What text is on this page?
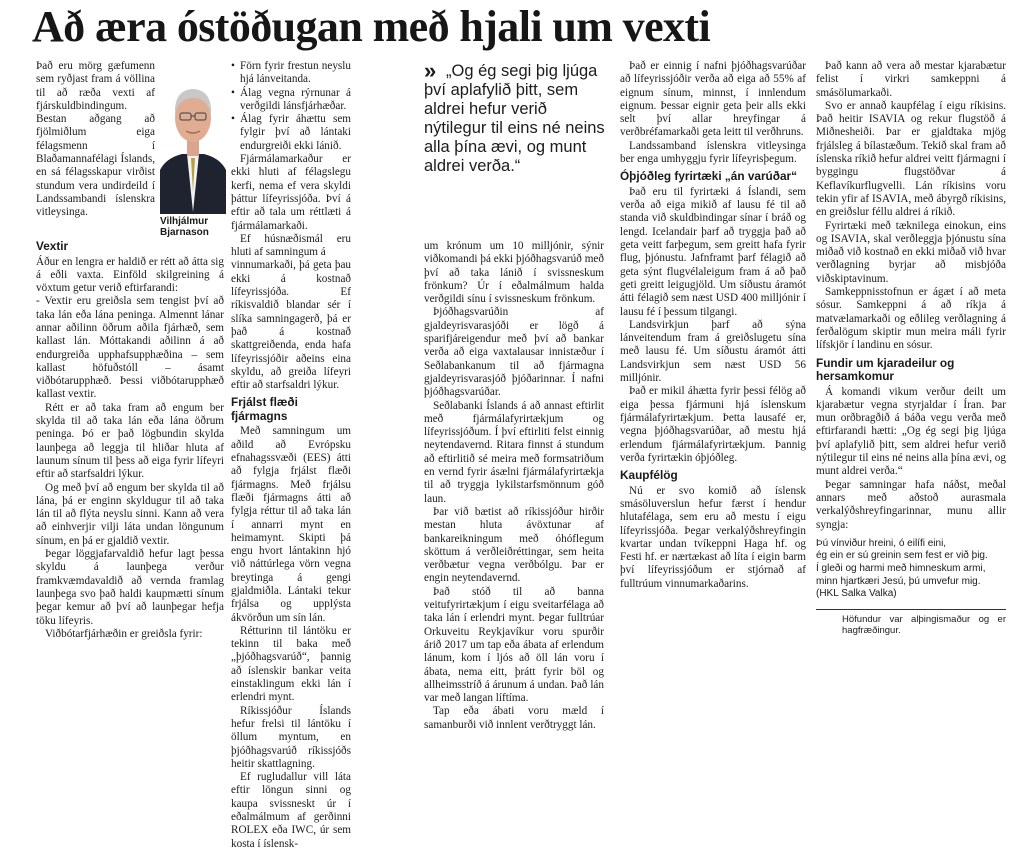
Að æra óstöðugan með hjali um vexti

Það eru mörg gæfumenn sem ryðjast fram á völlina til að ræða vexti af fjárskuldbindingum.

Bestan aðgang að fjölmiðlum eiga félagsmenn í Blaðamannafélagi Íslands, en sá félagsskapur virðist stundum vera undirdeild í Landssambandi íslenskra vitleysinga.

Vilhjálmur Bjarnason
Vextir

Áður en lengra er haldið er rétt að átta sig á eðli vaxta. Einföld skilgreining á vöxtum getur verið eftirfarandi:

- Vextir eru greiðsla sem tengist því að taka lán eða lána peninga. Almennt lánar annar aðilinn öðrum aðila fjárhæð, sem kallast lán. Móttakandi aðilinn á að endurgreiða upphafsupphæðina – sem kallast höfuðstóll – ásamt viðbótarupphæð. Þessi viðbótarupphæð kallast vextir.

Rétt er að taka fram að engum ber skylda til að taka lán eða lána öðrum peninga. Þó er það lögbundin skylda launþega að leggja til hliðar hluta af launum sínum til þess að eiga fyrir lífeyri eftir að starfsaldri lýkur.

Og með því að engum ber skylda til að lána, þá er enginn skyldugur til að taka lán til að flýta neyslu sinni. Kann að vera að einhverjir vilji láta undan löngunum sínum, en þá er gjaldið vextir.

Þegar löggjafarvaldið hefur lagt þessa skyldu á launþega verður framkvæmdavaldið að vernda framlag launþega svo það haldi kaupmætti sínum þegar kemur að því að launþegar hefja töku lífeyris.

Viðbótarfjárhæðin er greiðsla fyrir:

• Förn fyrir frestun neyslu hjá lánveitanda.
• Álag vegna rýrnunar á verðgildi lánsfjárhæðar.
• Álag fyrir áhættu sem fylgir því að lántaki endurgreiði ekki lánið.

Fjármálamarkaður er ekki hluti af félagslegu kerfi, nema ef vera skyldi þáttur lífeyrissjóða. Því á eftir að tala um réttlæti á fjármálamarkaði.

Ef húsnæðismál eru hluti af samningum á

vinnumarkaði, þá geta þau ekki á kostnað lífeyrissjóða. Ef ríkisvaldið blandar sér í slíka samningagerð, þá er það á kostnað skattgreiðenda, enda hafa lífeyrissjóðir aðeins eina skyldu, að greiða lífeyri eftir að starfsaldri lýkur.

Frjálst flæði fjármagns

Með samningum um aðild að Evrópsku efnahagssvæði (EES) átti að fylgja frjálst flæði fjármagns. Með frjálsu flæði fjármagns átti að fylgja réttur til að taka lán í annarri mynt en heimamynt. Skipti þá engu hvort lántakinn hjó við náttúrlega vörn vegna breytinga á gengi gjaldmiðla. Lántaki tekur frjálsa og upplýsta ákvörðun um sín lán.

Rétturinn til lántöku er tekinn til baka með „þjóðhagsvarúð“, þannig að íslenskir bankar veita einstaklingum ekki lán í erlendri mynt.

Ríkissjóður Íslands hefur frelsi til lántöku í öllum myntum, en þjóðhagsvarúð ríkissjóðs heitir skattlagning.

Ef rugludallur vill láta eftir löngun sinni og kaupa svissneskt úr í eðalmálmum af gerðinni ROLEX eða IWC, úr sem kosta í íslensk-

» „Og ég segi þig ljúga því aplafylið þitt, sem aldrei hefur verið nýtilegur til eins né neins alla þína ævi, og munt aldrei verða.“

um krónum um 10 milljónir, sýnir viðkomandi þá ekki þjóðhagsvarúð með því að taka lánið í svissneskum frönkum? Úr í eðalmálmum halda verðgildi sínu í svissneskum frönkum.

Þjóðhagsvarúðin af gjaldeyrisvarasjóði er lögð á sparifjáreigendur með því að bankar verða að eiga vaxtalausar innistæður í Seðlabankanum til að fjármagna gjaldeyrisvarasjóð þjóðarinnar. Í nafni þjóðhagsvarúðar.

Seðlabanki Íslands á að annast eftirlit með fjármálafyrirtækjum og lífeyrissjóðum. Í því eftirliti felst einnig neytendavernd. Ritara finnst á stundum að eftirlitið sé meira með formsatriðum en vernd fyrir ásælni fjármálafyrirtækja til að tryggja lykilstarfsmönnum góð laun.

Þar við bætist að ríkissjóður hirðir mestan hluta ávöxtunar af bankareikningum með óhóflegum sköttum á verðleiðréttingar, sem heita verðbætur vegna verðbólgu. Þar er engin neytendavernd.

Það stóð til að banna veitufyrirtækjum í eigu sveitarfélaga að taka lán í erlendri mynt. Þegar fulltrúar Orkuveitu Reykjavíkur voru spurðir árið 2017 um tap eða ábata af erlendum lánum, kom í ljós að öll lán voru í ábata, nema eitt, þrátt fyrir böl og allheimsstríð á árunum á undan. Það lán var með langan líftíma.

Tap eða ábati voru mæld í samanburði við innlent verðtryggt lán.

Það er einnig í nafni þjóðhagsvarúðar að lífeyrissjóðir verða að eiga að 55% af eignum sínum, minnst, í innlendum eignum. Þessar eignir geta þeir alls ekki selt því allar hreyfingar á verðbréfamarkaði geta leitt til verðhruns.

Landssamband íslenskra vitleysinga ber enga umhyggju fyrir lífeyrisþegum.

Óþjóðleg fyrirtæki „án varúðar“

Það eru til fyrirtæki á Íslandi, sem verða að eiga mikið af lausu fé til að standa við skuldbindingar sínar í bráð og lengd. Icelandair þarf að tryggja það að geta veitt farþegum, sem greitt hafa fyrir flug, þjónustu. Jafnframt þarf félagið að geta sýnt flugvélaleigum fram á að það geti greitt leigugjöld. Um síðustu áramót átti félagið sem næst USD 400 milljónir í lausu fé í þessum tilgangi.

Landsvirkjun þarf að sýna lánveitendum fram á greiðslugetu sína með lausu fé. Um síðustu áramót átti Landsvirkjun sem næst USD 56 milljónir.

Það er mikil áhætta fyrir þessi félög að eiga þessa fjármuni hjá íslenskum fjármálafyrirtækjum. Þetta lausafé er, vegna þjóðhagsvarúðar, að mestu hjá erlendum fjármálafyrirtækjum. Þannig verða fyrirtækin óþjóðleg.

Kaupfélög

Nú er svo komið að íslensk smásöluverslun hefur færst í hendur hlutafélaga, sem eru að mestu í eigu lífeyrissjóða. Þegar verkalýðshreyfingin kvartar undan tvíkeppni Haga hf. og Festi hf. er nærtækast að líta í eigin barm því lífeyrissjóðum er stjórnað af fulltrúum vinnumarkaðarins.

Það kann að vera að mestar kjarabætur felist í virkri samkeppni á smásölumarkaði.

Svo er annað kaupfélag í eigu ríkisins. Það heitir ISAVIA og rekur flugstöð á Miðnesheiði. Þar er gjaldtaka mjög frjálsleg á bílastæðum. Tekið skal fram að íslenska ríkið hefur aldrei veitt fjármagni í byggingu flugstöðvar á Keflavíkurflugvelli. Lán ríkisins voru tekin yfir af ISAVIA, með ábyrgð ríkisins, en greiðslur féllu aldrei á ríkið.

Fyrirtæki með tæknilega einokun, eins og ISAVIA, skal verðleggja þjónustu sína miðað við kostnað en ekki miðað við hvar verðlagning byrjar að misbjóða viðskiptavinum.

Samkeppnisstofnun er ágæt í að meta sósur. Samkeppni á að ríkja á matvælamarkaði og eðlileg verðlagning á ferðalögum skiptir mun meira máli fyrir lífskjör í landinu en sósur.

Fundir um kjaradeilur og hersamkomur

Á komandi vikum verður deilt um kjarabætur vegna styrjaldar í Íran. Þar mun orðbragðið á báða vegu verða með eftirfarandi hætti: „Og ég segi þig ljúga því aplafylið þitt, sem aldrei hefur verið nýtilegur til eins né neins alla þína ævi, og munt aldrei verða.“

Þegar samningar hafa náðst, meðal annars með aðstoð aurasmala verkalýðshreyfingarinnar, munu allir syngja:

Þú vínviður hreini, ó eilífi eini,
ég ein er sú greinin sem fest er við þig.
Í gleði og harmi með himneskum armi,
minn hjartkæri Jesú, þú umvefur mig.
(HKL Salka Valka)
Höfundur var alþingismaður og er hagfræðingur.
